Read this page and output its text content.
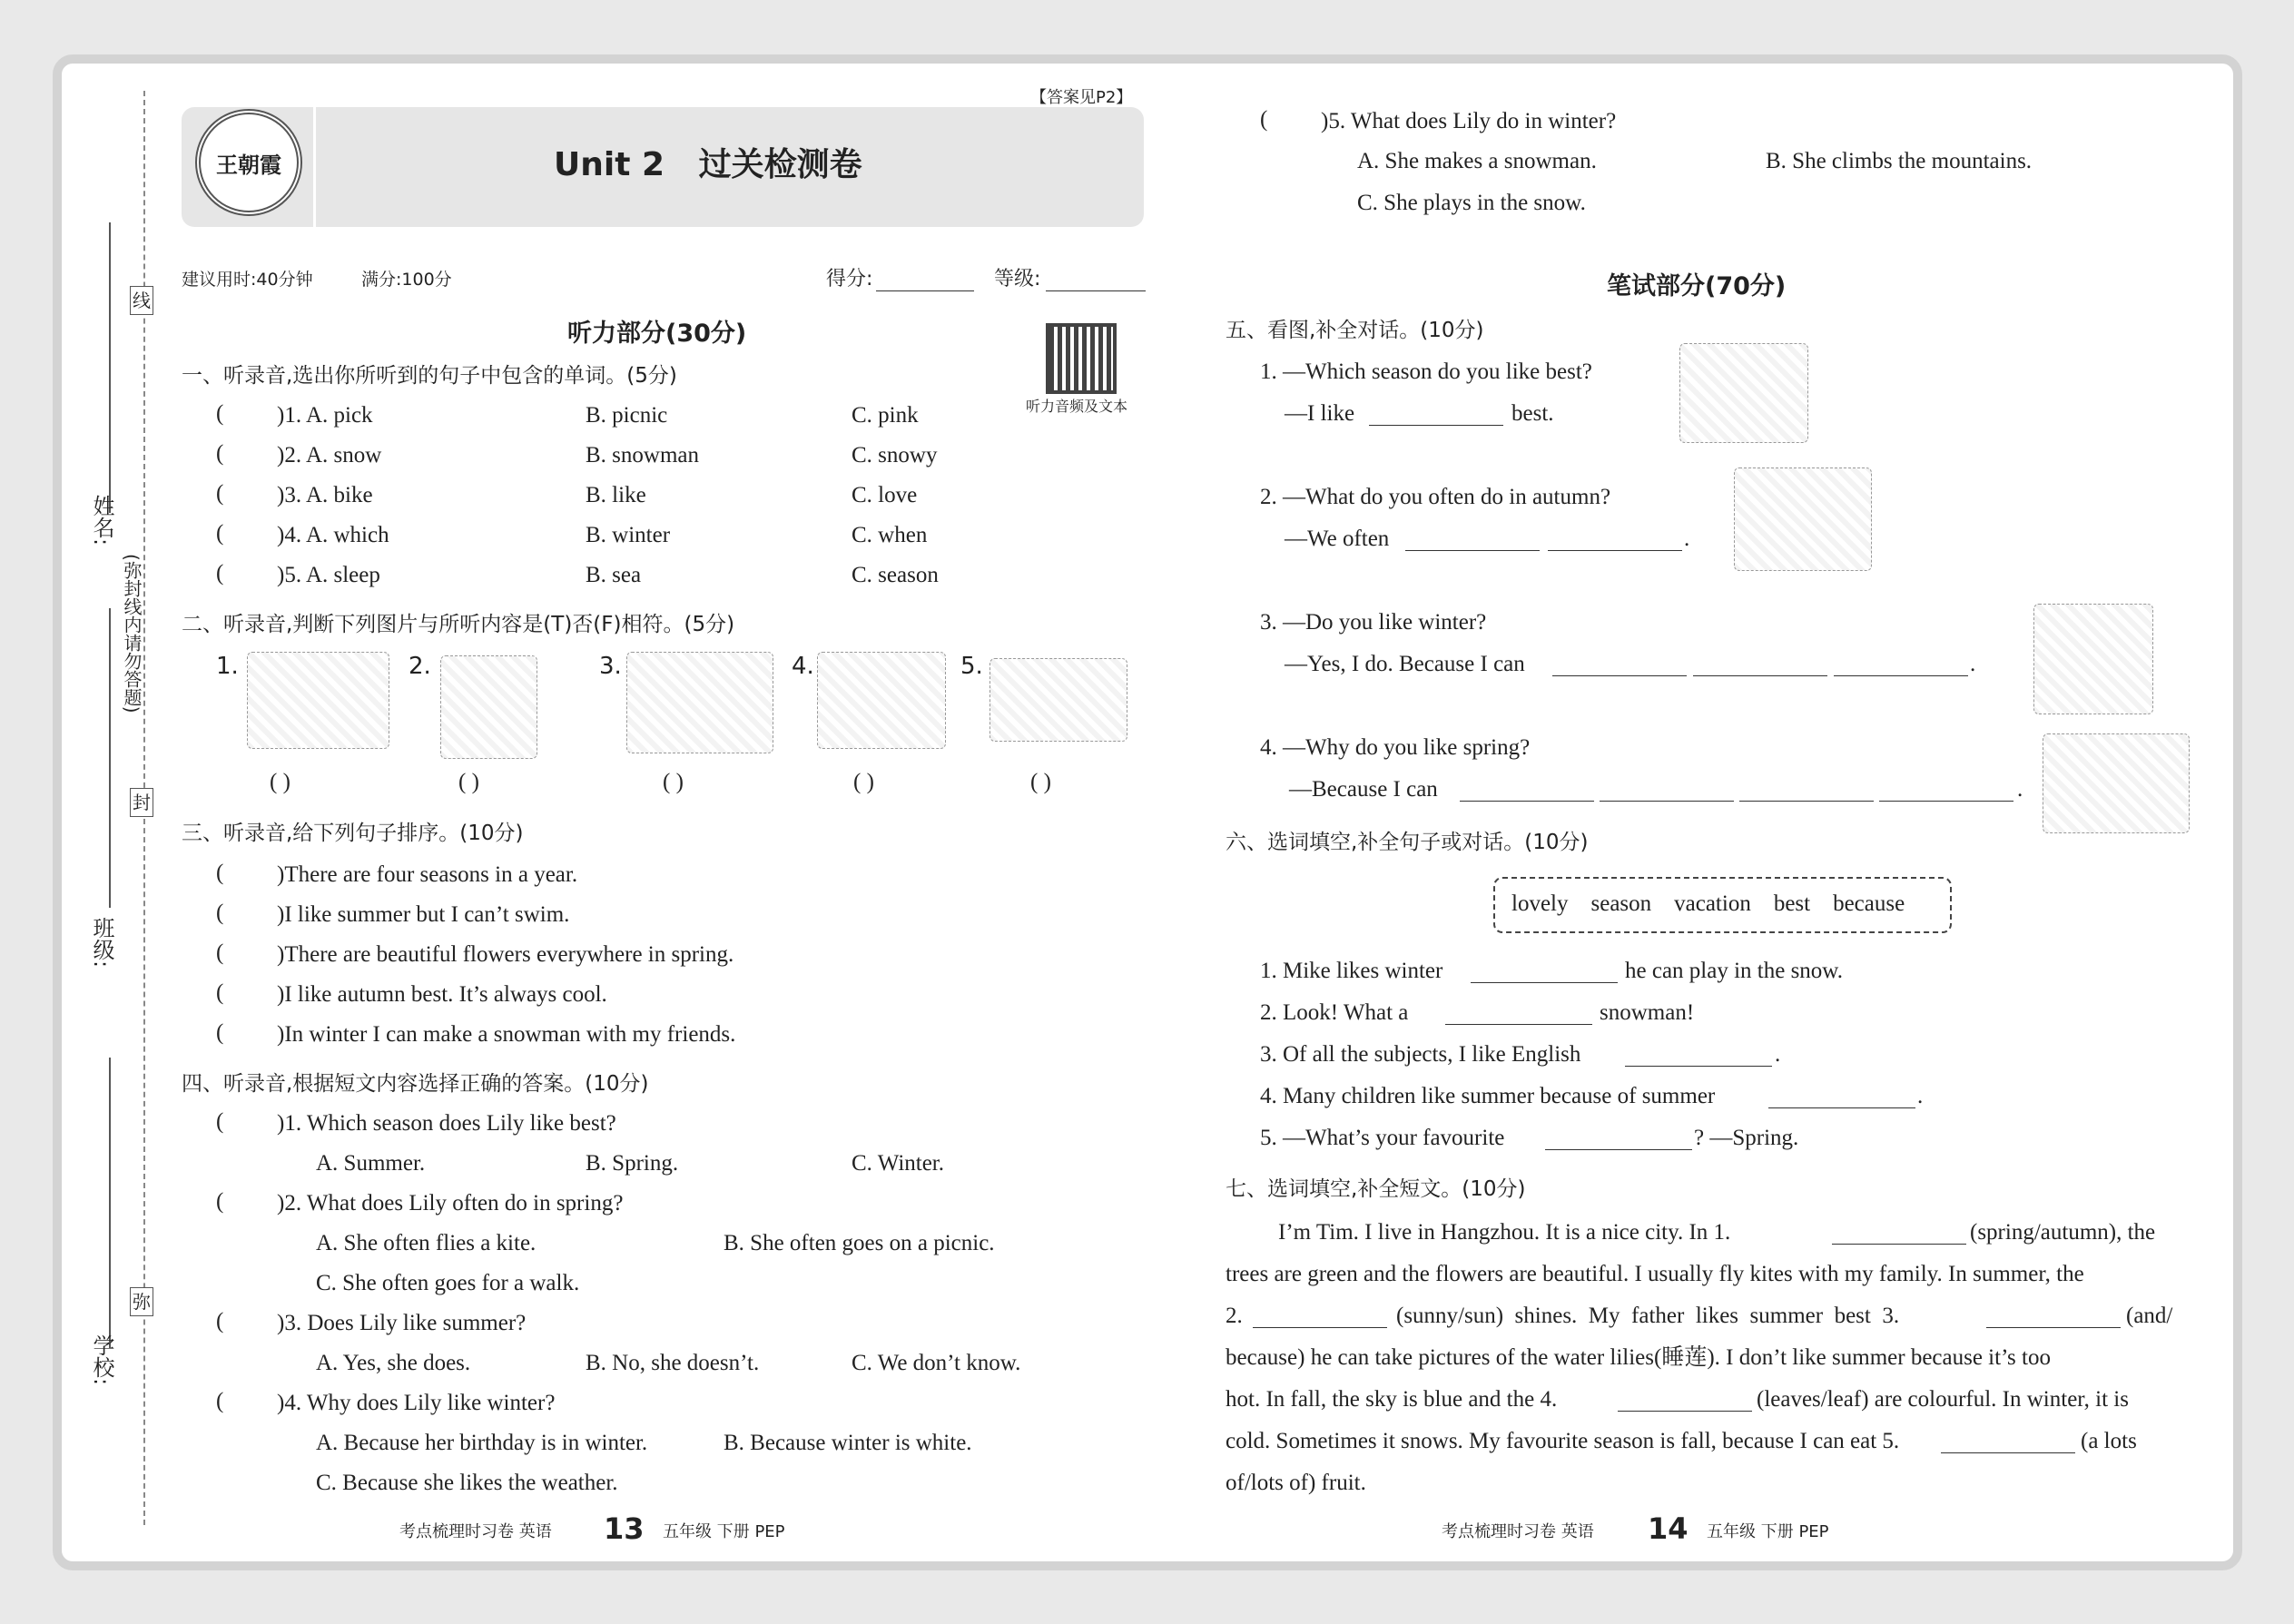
姓名:
班级:
学校:
(弥封线内请勿答题)
线
封
弥
【答案见P2】
王朝霞	Unit 2   过关检测卷
建议用时:40分钟	满分:100分	得分:	等级:
听力部分(30分)
听力音频及文本
一、听录音,选出你所听到的句子中包含的单词。(5分)
( )1. A. pick	B. picnic	C. pink
( )2. A. snow	B. snowman	C. snowy
( )3. A. bike	B. like	C. love
( )4. A. which	B. winter	C. when
( )5. A. sleep	B. sea	C. season
二、听录音,判断下列图片与所听内容是(T)否(F)相符。(5分)
1.	2.	3.	4.	5.
( )	( )	( )	( )	( )
三、听录音,给下列句子排序。(10分)
( )There are four seasons in a year.
( )I like summer but I can’t swim.
( )There are beautiful flowers everywhere in spring.
( )I like autumn best. It’s always cool.
( )In winter I can make a snowman with my friends.
四、听录音,根据短文内容选择正确的答案。(10分)
( )1. Which season does Lily like best?
A. Summer.	B. Spring.	C. Winter.
( )2. What does Lily often do in spring?
A. She often flies a kite.	B. She often goes on a picnic.
C. She often goes for a walk.
( )3. Does Lily like summer?
A. Yes, she does.	B. No, she doesn’t.	C. We don’t know.
( )4. Why does Lily like winter?
A. Because her birthday is in winter.	B. Because winter is white.
C. Because she likes the weather.
考点梳理时习卷 英语 13 五年级 下册 PEP
( )5. What does Lily do in winter?
A. She makes a snowman.	B. She climbs the mountains.
C. She plays in the snow.
笔试部分(70分)
五、看图,补全对话。(10分)
1. —Which season do you like best?
—I like	best.
2. —What do you often do in autumn?
—We often	.
3. —Do you like winter?
—Yes, I do. Because I can	.
4. —Why do you like spring?
—Because I can	.
六、选词填空,补全句子或对话。(10分)
lovely    season    vacation    best    because
1. Mike likes winter	he can play in the snow.
2. Look! What a	snowman!
3. Of all the subjects, I like English	.
4. Many children like summer because of summer	.
5. —What’s your favourite	? —Spring.
七、选词填空,补全短文。(10分)
I’m Tim. I live in Hangzhou. It is a nice city. In 1.	(spring/autumn), the
trees are green and the flowers are beautiful. I usually fly kites with my family. In summer, the
2.	(sunny/sun)  shines.  My  father  likes  summer  best  3.	(and/
because) he can take pictures of the water lilies(睡莲). I don’t like summer because it’s too
hot. In fall, the sky is blue and the 4.	(leaves/leaf) are colourful. In winter, it is
cold. Sometimes it snows. My favourite season is fall, because I can eat 5.	(a lots
of/lots of) fruit.
考点梳理时习卷 英语 14 五年级 下册 PEP
